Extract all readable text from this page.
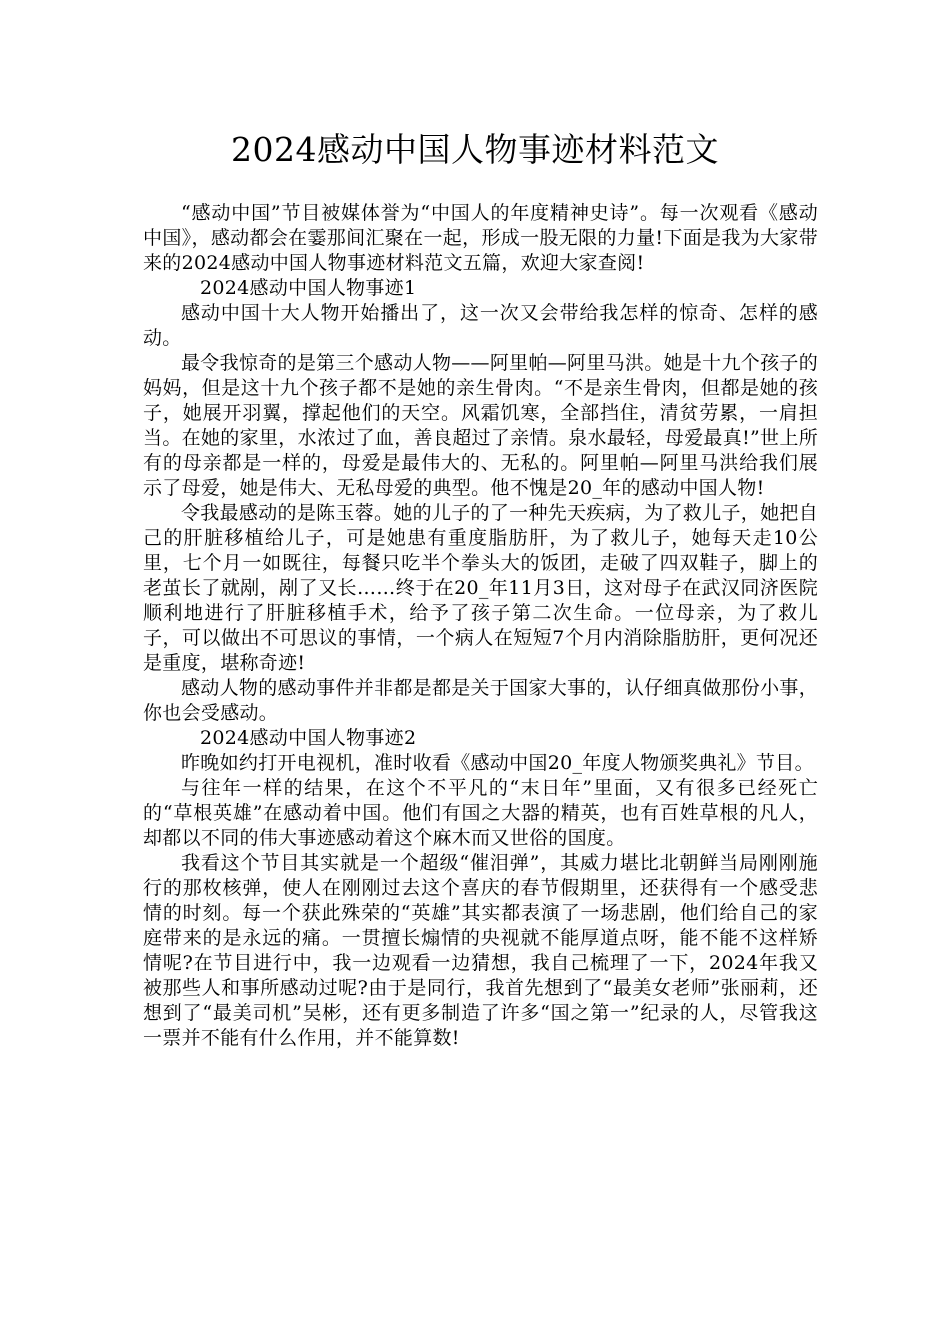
2024感动中国人物事迹材料范文

“感动中国”节目被媒体誉为“中国人的年度精神史诗”。每一次观看《感动中国》，感动都会在霎那间汇聚在一起，形成一股无限的力量!下面是我为大家带来的2024感动中国人物事迹材料范文五篇，欢迎大家查阅!

2024感动中国人物事迹1

感动中国十大人物开始播出了，这一次又会带给我怎样的惊奇、怎样的感动。

最令我惊奇的是第三个感动人物——阿里帕—阿里马洪。她是十九个孩子的妈妈，但是这十九个孩子都不是她的亲生骨肉。“不是亲生骨肉，但都是她的孩子，她展开羽翼，撑起他们的天空。风霜饥寒，全部挡住，清贫劳累，一肩担当。在她的家里，水浓过了血，善良超过了亲情。泉水最轻，母爱最真!”世上所有的母亲都是一样的，母爱是最伟大的、无私的。阿里帕—阿里马洪给我们展示了母爱，她是伟大、无私母爱的典型。他不愧是20_年的感动中国人物!

令我最感动的是陈玉蓉。她的儿子的了一种先天疾病，为了救儿子，她把自己的肝脏移植给儿子，可是她患有重度脂肪肝，为了救儿子，她每天走10公里，七个月一如既往，每餐只吃半个拳头大的饭团，走破了四双鞋子，脚上的老茧长了就剐，剐了又长……终于在20_年11月3日，这对母子在武汉同济医院顺利地进行了肝脏移植手术，给予了孩子第二次生命。一位母亲，为了救儿子，可以做出不可思议的事情，一个病人在短短7个月内消除脂肪肝，更何况还是重度，堪称奇迹!

感动人物的感动事件并非都是都是关于国家大事的，认仔细真做那份小事，你也会受感动。

2024感动中国人物事迹2

昨晚如约打开电视机，准时收看《感动中国20_年度人物颁奖典礼》节目。

与往年一样的结果，在这个不平凡的“末日年”里面，又有很多已经死亡的“草根英雄”在感动着中国。他们有国之大器的精英，也有百姓草根的凡人，却都以不同的伟大事迹感动着这个麻木而又世俗的国度。

我看这个节目其实就是一个超级“催泪弹”，其威力堪比北朝鲜当局刚刚施行的那枚核弹，使人在刚刚过去这个喜庆的春节假期里，还获得有一个感受悲情的时刻。每一个获此殊荣的“英雄”其实都表演了一场悲剧，他们给自己的家庭带来的是永远的痛。一贯擅长煽情的央视就不能厚道点呀，能不能不这样矫情呢?在节目进行中，我一边观看一边猜想，我自己梳理了一下，2024年我又被那些人和事所感动过呢?由于是同行，我首先想到了“最美女老师”张丽莉，还想到了“最美司机”吴彬，还有更多制造了许多“国之第一”纪录的人，尽管我这一票并不能有什么作用，并不能算数!
